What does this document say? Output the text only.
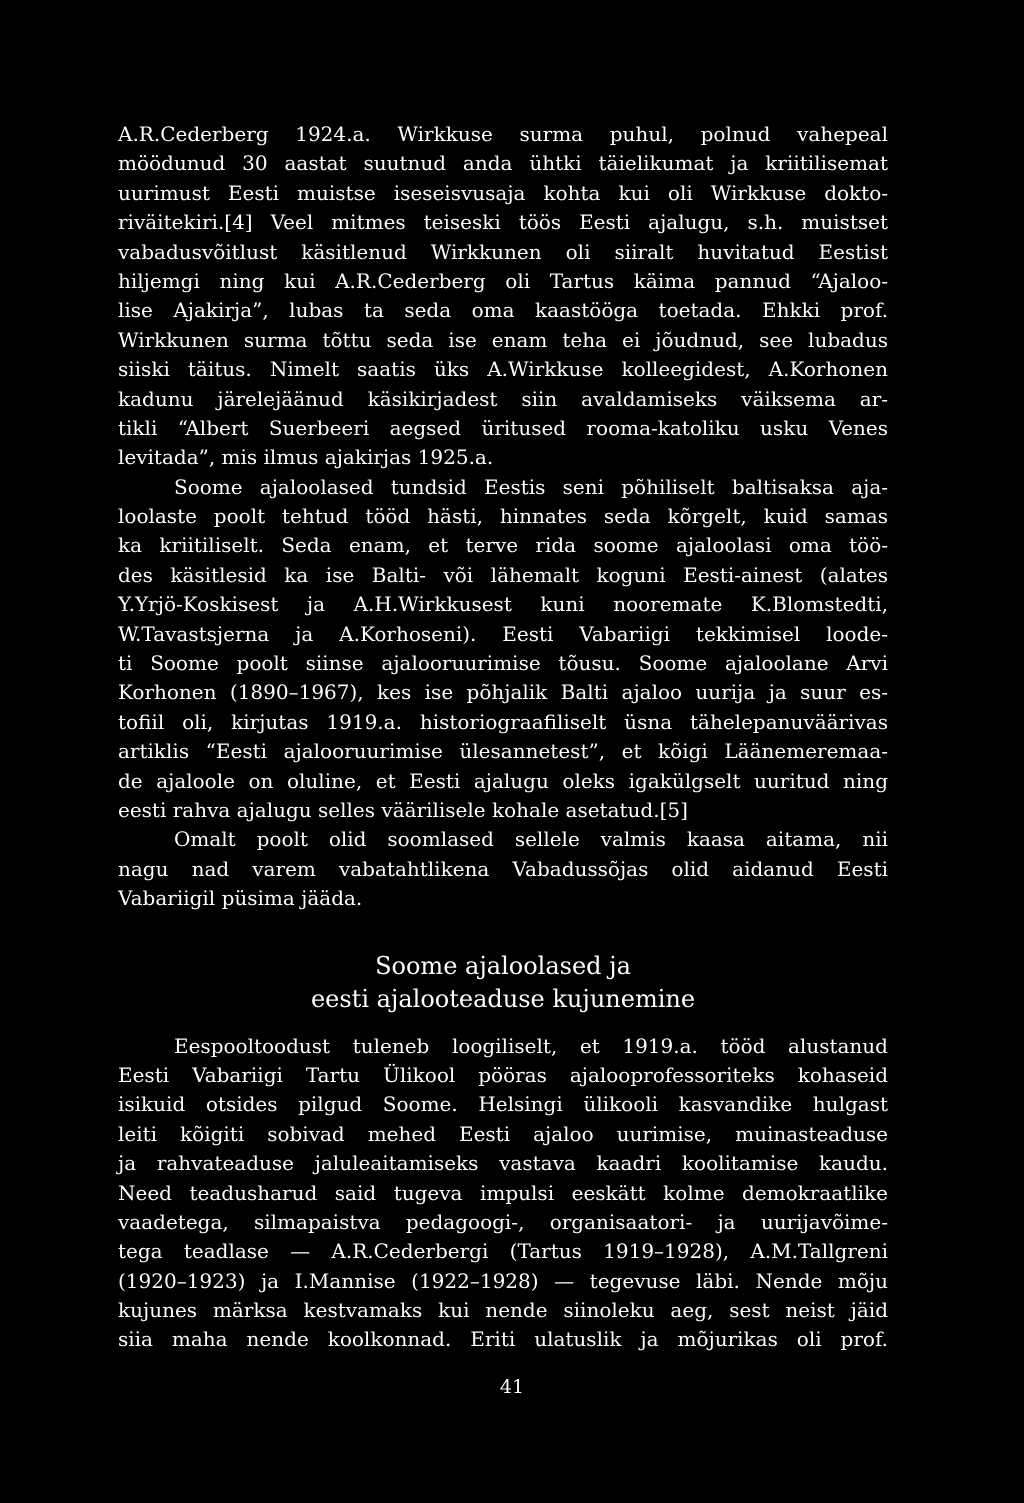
A.R.Cederberg 1924.a. Wirkkuse surma puhul, polnud vahepeal
möödunud 30 aastat suutnud anda ühtki täielikumat ja kriitilisemat
uurimust Eesti muistse iseseisvusaja kohta kui oli Wirkkuse dokto-
riväitekiri.[4] Veel mitmes teiseski töös Eesti ajalugu, s.h. muistset
vabadusvõitlust käsitlenud Wirkkunen oli siiralt huvitatud Eestist
hiljemgi ning kui A.R.Cederberg oli Tartus käima pannud “Ajaloo-
lise Ajakirja”, lubas ta seda oma kaastööga toetada. Ehkki prof.
Wirkkunen surma tõttu seda ise enam teha ei jõudnud, see lubadus
siiski täitus. Nimelt saatis üks A.Wirkkuse kolleegidest, A.Korhonen
kadunu järelejäänud käsikirjadest siin avaldamiseks väiksema ar-
tikli “Albert Suerbeeri aegsed üritused rooma-katoliku usku Venes
levitada”, mis ilmus ajakirjas 1925.a.
Soome ajaloolased tundsid Eestis seni põhiliselt baltisaksa aja-
loolaste poolt tehtud tööd hästi, hinnates seda kõrgelt, kuid samas
ka kriitiliselt. Seda enam, et terve rida soome ajaloolasi oma töö-
des käsitlesid ka ise Balti- või lähemalt koguni Eesti-ainest (alates
Y.Yrjö-Koskisest ja A.H.Wirkkusest kuni nooremate K.Blomstedti,
W.Tavastsjerna ja A.Korhoseni). Eesti Vabariigi tekkimisel loode-
ti Soome poolt siinse ajalooruurimise tõusu. Soome ajaloolane Arvi
Korhonen (1890–1967), kes ise põhjalik Balti ajaloo uurija ja suur es-
tofiil oli, kirjutas 1919.a. historiograafiliselt üsna tähelepanuväärivas
artiklis “Eesti ajalooruurimise ülesannetest”, et kõigi Läänemeremaa-
de ajaloole on oluline, et Eesti ajalugu oleks igakülgselt uuritud ning
eesti rahva ajalugu selles väärilisele kohale asetatud.[5]
Omalt poolt olid soomlased sellele valmis kaasa aitama, nii
nagu nad varem vabatahtlikena Vabadussõjas olid aidanud Eesti
Vabariigil püsima jääda.
Soome ajaloolased ja
eesti ajalooteaduse kujunemine
Eespooltoodust tuleneb loogiliselt, et 1919.a. tööd alustanud
Eesti Vabariigi Tartu Ülikool pööras ajalooprofessoriteks kohaseid
isikuid otsides pilgud Soome. Helsingi ülikooli kasvandike hulgast
leiti kõigiti sobivad mehed Eesti ajaloo uurimise, muinasteaduse
ja rahvateaduse jaluleaitamiseks vastava kaadri koolitamise kaudu.
Need teadusharud said tugeva impulsi eeskätt kolme demokraatlike
vaadetega, silmapaistva pedagoogi-, organisaatori- ja uurijavõime-
tega teadlase — A.R.Cederbergi (Tartus 1919–1928), A.M.Tallgreni
(1920–1923) ja I.Mannise (1922–1928) — tegevuse läbi. Nende mõju
kujunes märksa kestvamaks kui nende siinoleku aeg, sest neist jäid
siia maha nende koolkonnad. Eriti ulatuslik ja mõjurikas oli prof.
41
